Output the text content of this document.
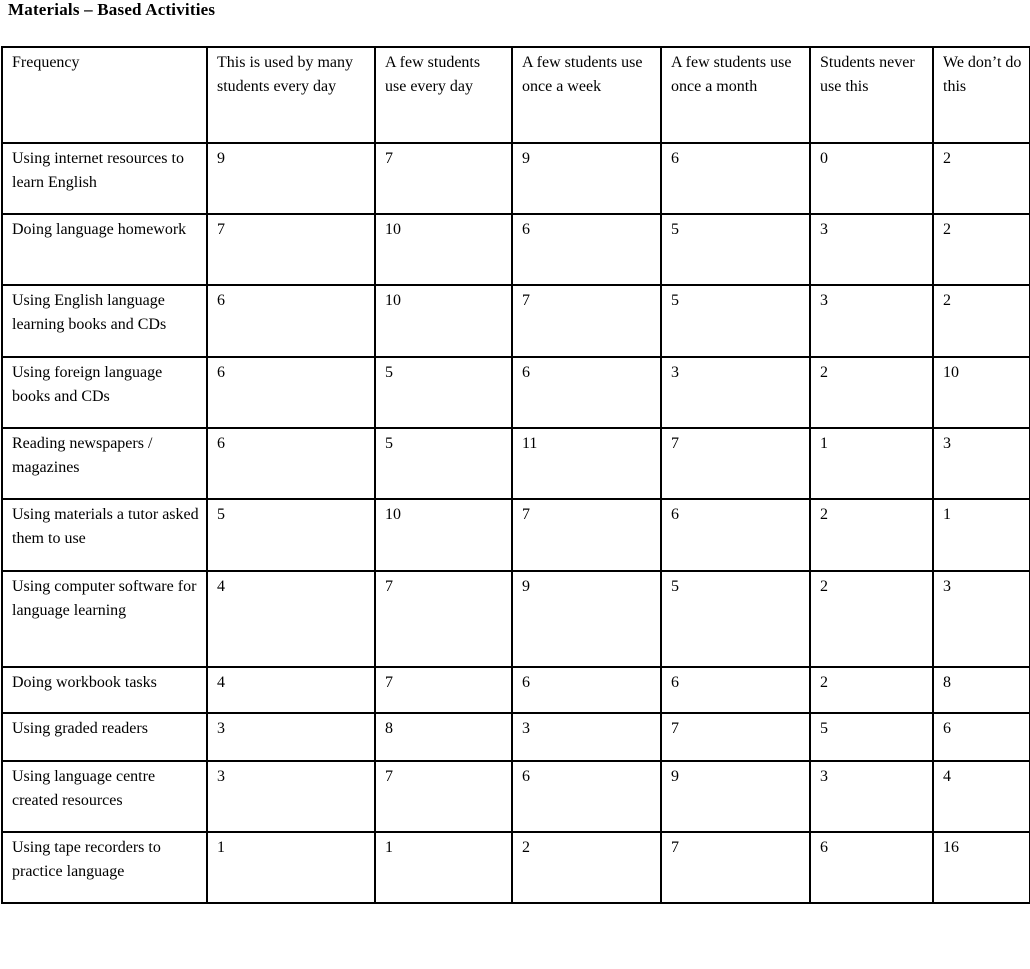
Materials – Based Activities
Frequency	This is used by many students every day	A few students use every day	A few students use once a week	A few students use once a month	Students never use this	We don’t do this
Using internet resources to learn English	9	7	9	6	0	2
Doing language homework	7	10	6	5	3	2
Using English language learning books and CDs	6	10	7	5	3	2
Using foreign language books and CDs	6	5	6	3	2	10
Reading newspapers / magazines	6	5	11	7	1	3
Using materials a tutor asked them to use	5	10	7	6	2	1
Using computer software for language learning	4	7	9	5	2	3
Doing workbook tasks	4	7	6	6	2	8
Using graded readers	3	8	3	7	5	6
Using language centre created resources	3	7	6	9	3	4
Using tape recorders to practice language	1	1	2	7	6	16
